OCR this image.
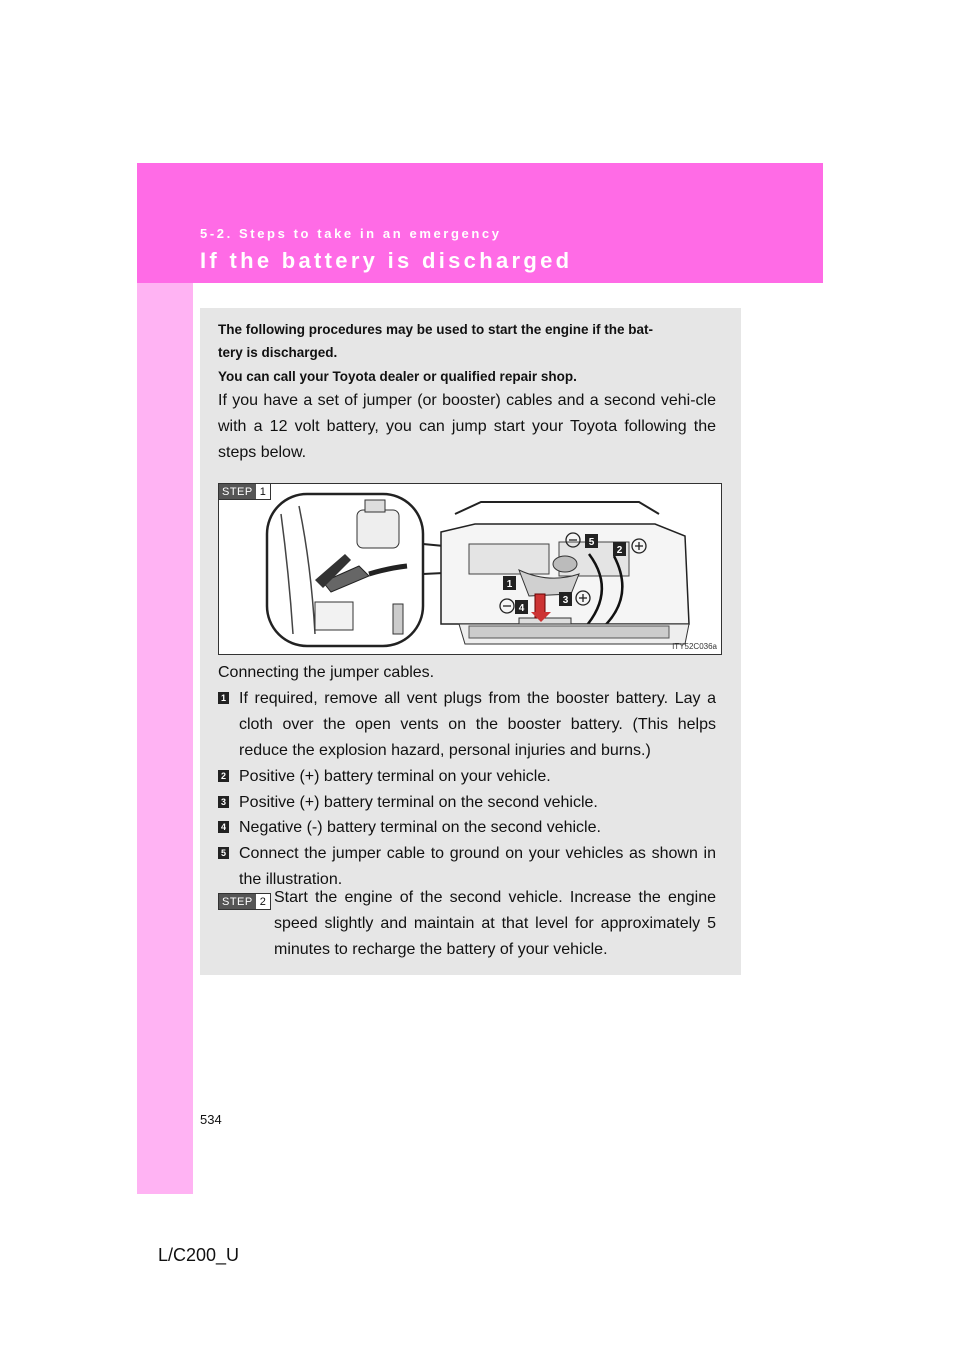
5-2. Steps to take in an emergency
If the battery is discharged
The following procedures may be used to start the engine if the bat-
tery is discharged.
You can call your Toyota dealer or qualified repair shop.
If you have a set of jumper (or booster) cables and a second vehi-cle with a 12 volt battery, you can jump start your Toyota following the steps below.
STEP 1
5
2
1
3
4
ITY52C036a
Connecting the jumper cables.
1 If required, remove all vent plugs from the booster battery. Lay a cloth over the open vents on the booster battery. (This helps reduce the explosion hazard, personal injuries and burns.)
2 Positive (+) battery terminal on your vehicle.
3 Positive (+) battery terminal on the second vehicle.
4 Negative (-) battery terminal on the second vehicle.
5 Connect the jumper cable to ground on your vehicles as shown in the illustration.
STEP 2 Start the engine of the second vehicle. Increase the engine speed slightly and maintain at that level for approximately 5 minutes to recharge the battery of your vehicle.
534
L/C200_U
